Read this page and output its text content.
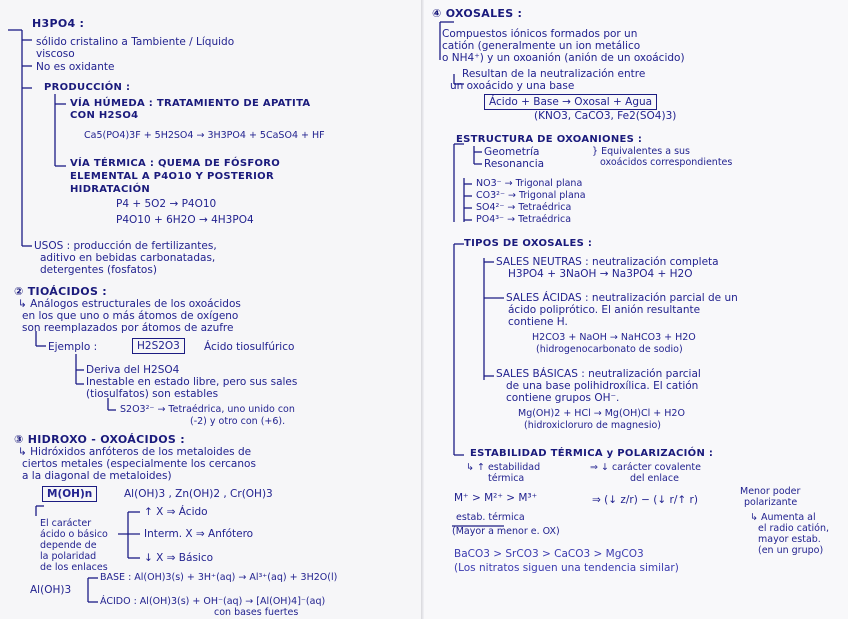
H3PO4 :
sólido cristalino a Tambiente / Líquido
viscoso
No es oxidante
PRODUCCIÓN :
VÍA HÚMEDA : TRATAMIENTO DE APATITA
CON H2SO4
Ca5(PO4)3F + 5H2SO4 → 3H3PO4 + 5CaSO4 + HF
VÍA TÉRMICA : QUEMA DE FÓSFORO
ELEMENTAL A P4O10 Y POSTERIOR
HIDRATACIÓN
P4 + 5O2 → P4O10
P4O10 + 6H2O → 4H3PO4
USOS : producción de fertilizantes,
aditivo en bebidas carbonatadas,
detergentes (fosfatos)
② TIOÁCIDOS :
↳ Análogos estructurales de los oxoácidos
en los que uno o más átomos de oxígeno
son reemplazados por átomos de azufre
Ejemplo :	H2S2O3	Ácido tiosulfúrico
Deriva del H2SO4
Inestable en estado libre, pero sus sales
(tiosulfatos) son estables
S2O3²⁻ → Tetraédrica, uno unido con
(-2) y otro con (+6).
③ HIDROXO - OXOÁCIDOS :
↳ Hidróxidos anfóteros de los metaloides de
ciertos metales (especialmente los cercanos
a la diagonal de metaloides)
M(OH)n	Al(OH)3 , Zn(OH)2 , Cr(OH)3
El carácter
ácido o básico
depende de
la polaridad
de los enlaces
↑ X ⇒ Ácido
Interm. X ⇒ Anfótero
↓ X ⇒ Básico
Al(OH)3
BASE : Al(OH)3(s) + 3H⁺(aq) → Al³⁺(aq) + 3H2O(l)
ÁCIDO : Al(OH)3(s) + OH⁻(aq) → [Al(OH)4]⁻(aq)
con bases fuertes
④ OXOSALES :
Compuestos iónicos formados por un
catión (generalmente un ion metálico
o NH4⁺) y un oxoanión (anión de un oxoácido)
Resultan de la neutralización entre
un oxoácido y una base
Ácido + Base → Oxosal + Agua
(KNO3, CaCO3, Fe2(SO4)3)
ESTRUCTURA DE OXOANIONES :
Geometría
Resonancia
} Equivalentes a sus
oxoácidos correspondientes
NO3⁻ → Trigonal plana
CO3²⁻ → Trigonal plana
SO4²⁻ → Tetraédrica
PO4³⁻ → Tetraédrica
TIPOS DE OXOSALES :
SALES NEUTRAS : neutralización completa
H3PO4 + 3NaOH → Na3PO4 + H2O
SALES ÁCIDAS : neutralización parcial de un
ácido poliprótico. El anión resultante
contiene H.
H2CO3 + NaOH → NaHCO3 + H2O
(hidrogenocarbonato de sodio)
SALES BÁSICAS : neutralización parcial
de una base polihidroxílica. El catión
contiene grupos OH⁻.
Mg(OH)2 + HCl → Mg(OH)Cl + H2O
(hidroxicloruro de magnesio)
ESTABILIDAD TÉRMICA y POLARIZACIÓN :
↳ ↑ estabilidad
térmica
⇒ ↓ carácter covalente
del enlace
M⁺ > M²⁺ > M³⁺
estab. térmica
(Mayor a menor e. OX)
⇒ (↓ z/r) − (↓ r/↑ r)
Menor poder
polarizante
↳ Aumenta al
el radio catión,
mayor estab.
(en un grupo)
BaCO3 > SrCO3 > CaCO3 > MgCO3
(Los nitratos siguen una tendencia similar)
